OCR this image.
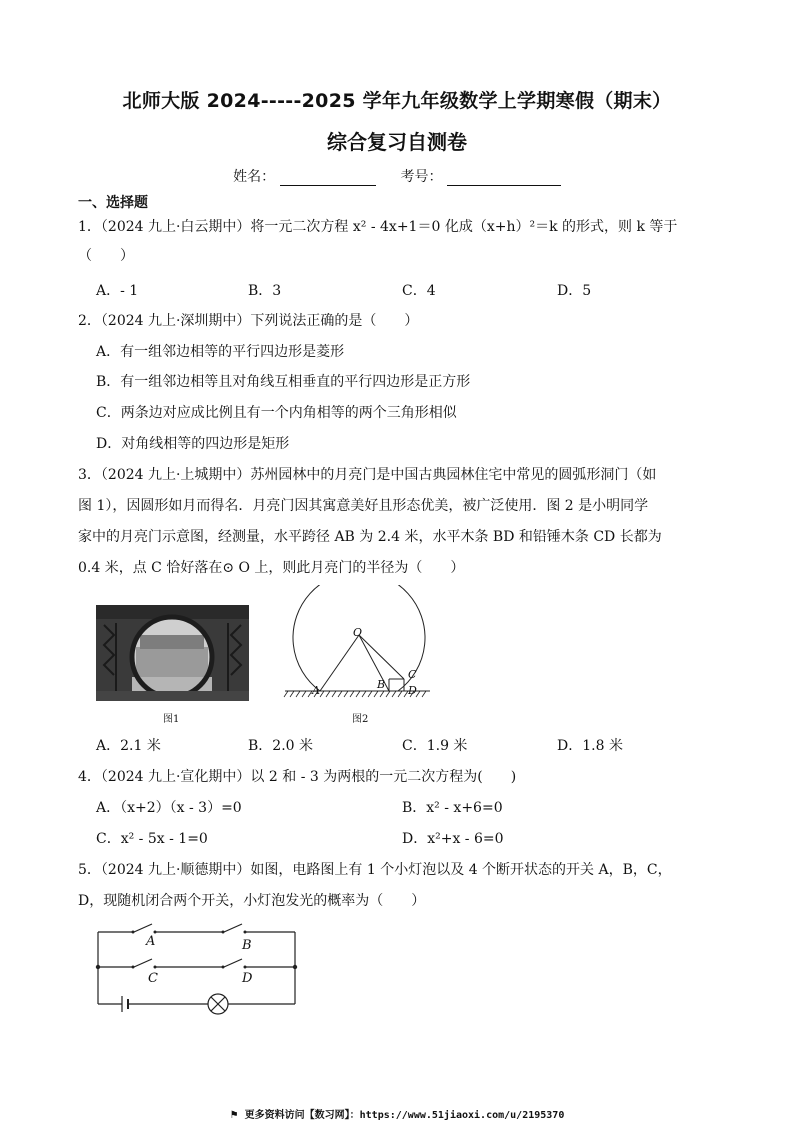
北师大版 2024-----2025 学年九年级数学上学期寒假（期末）
综合复习自测卷
姓名：	考号：
一、选择题
1．（2024 九上·白云期中）将一元二次方程 x² - 4x+1＝0 化成（x+h）²＝k 的形式，则 k 等于
（　　）
A．- 1	B．3	C．4	D．5
2．（2024 九上·深圳期中）下列说法正确的是（　　）
A．有一组邻边相等的平行四边形是菱形
B．有一组邻边相等且对角线互相垂直的平行四边形是正方形
C．两条边对应成比例且有一个内角相等的两个三角形相似
D．对角线相等的四边形是矩形
3．（2024 九上·上城期中）苏州园林中的月亮门是中国古典园林住宅中常见的圆弧形洞门（如
图 1），因圆形如月而得名．月亮门因其寓意美好且形态优美，被广泛使用．图 2 是小明同学
家中的月亮门示意图，经测量，水平跨径 AB 为 2.4 米，水平木条 BD 和铅锤木条 CD 长都为
0.4 米，点 C 恰好落在⊙ O 上，则此月亮门的半径为（　　）
图1
O
A	B
C
D
图2
A．2.1 米	B．2.0 米	C．1.9 米	D．1.8 米
4．（2024 九上·宣化期中）以 2 和 - 3 为两根的一元二次方程为(　　)
A．（x+2）（x - 3）=0	B．x² - x+6=0
C．x² - 5x - 1=0	D．x²+x - 6=0
5．（2024 九上·顺德期中）如图，电路图上有 1 个小灯泡以及 4 个断开状态的开关 A，B，C，
D，现随机闭合两个开关，小灯泡发光的概率为（　　）
A	B
C	D
⚑ 更多资料访问【数习网】：https://www.51jiaoxi.com/u/2195370
